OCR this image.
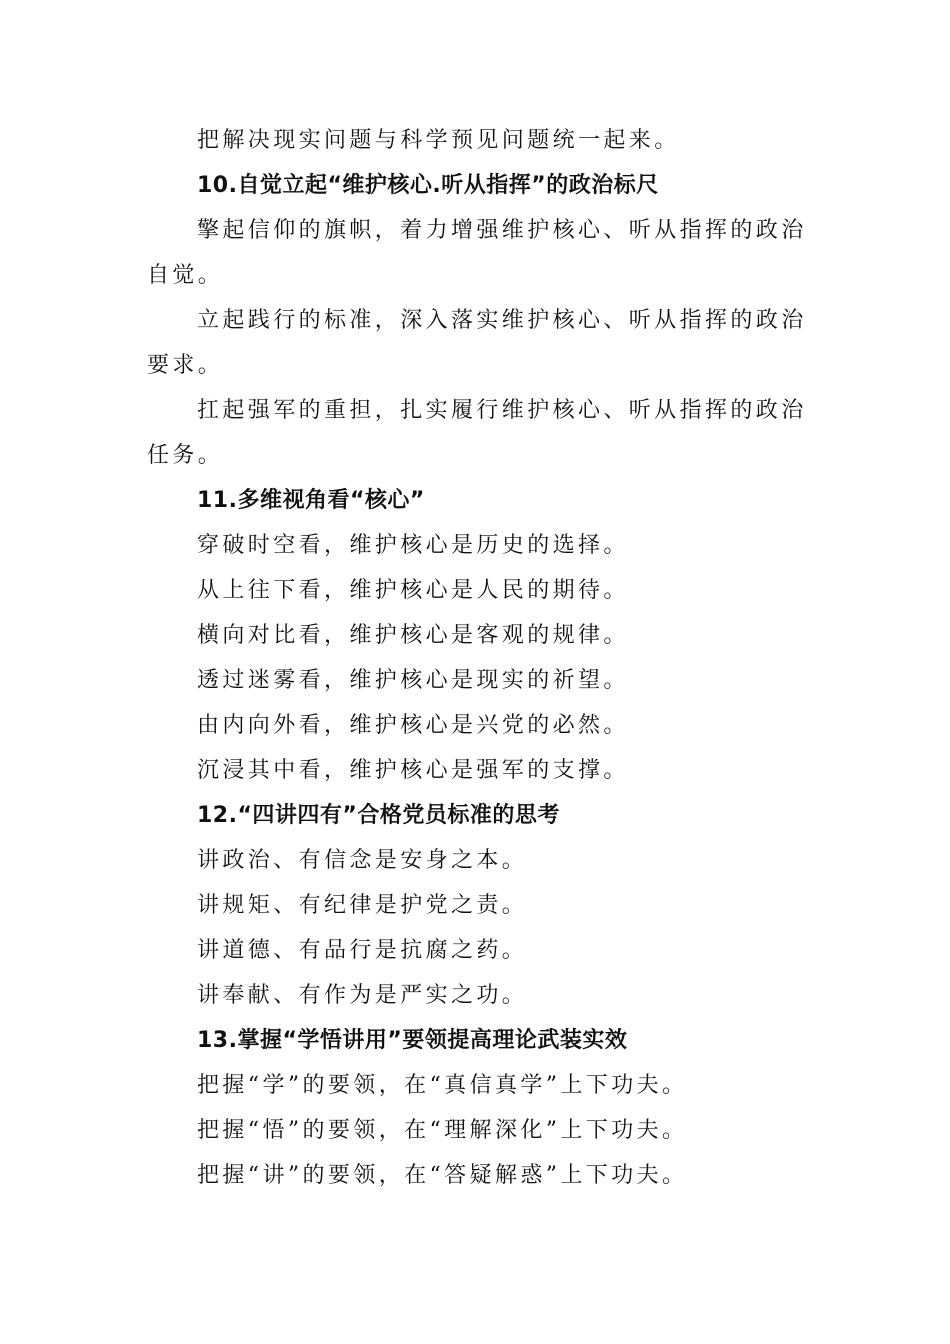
把解决现实问题与科学预见问题统一起来。
10.自觉立起“维护核心.听从指挥”的政治标尺
擎起信仰的旗帜，着力增强维护核心、听从指挥的政治
自觉。
立起践行的标准，深入落实维护核心、听从指挥的政治
要求。
扛起强军的重担，扎实履行维护核心、听从指挥的政治
任务。
11.多维视角看“核心”
穿破时空看，维护核心是历史的选择。
从上往下看，维护核心是人民的期待。
横向对比看，维护核心是客观的规律。
透过迷雾看，维护核心是现实的祈望。
由内向外看，维护核心是兴党的必然。
沉浸其中看，维护核心是强军的支撑。
12.“四讲四有”合格党员标准的思考
讲政治、有信念是安身之本。
讲规矩、有纪律是护党之责。
讲道德、有品行是抗腐之药。
讲奉献、有作为是严实之功。
13.掌握“学悟讲用”要领提高理论武装实效
把握“学”的要领，在“真信真学”上下功夫。
把握“悟”的要领，在“理解深化”上下功夫。
把握“讲”的要领，在“答疑解惑”上下功夫。
